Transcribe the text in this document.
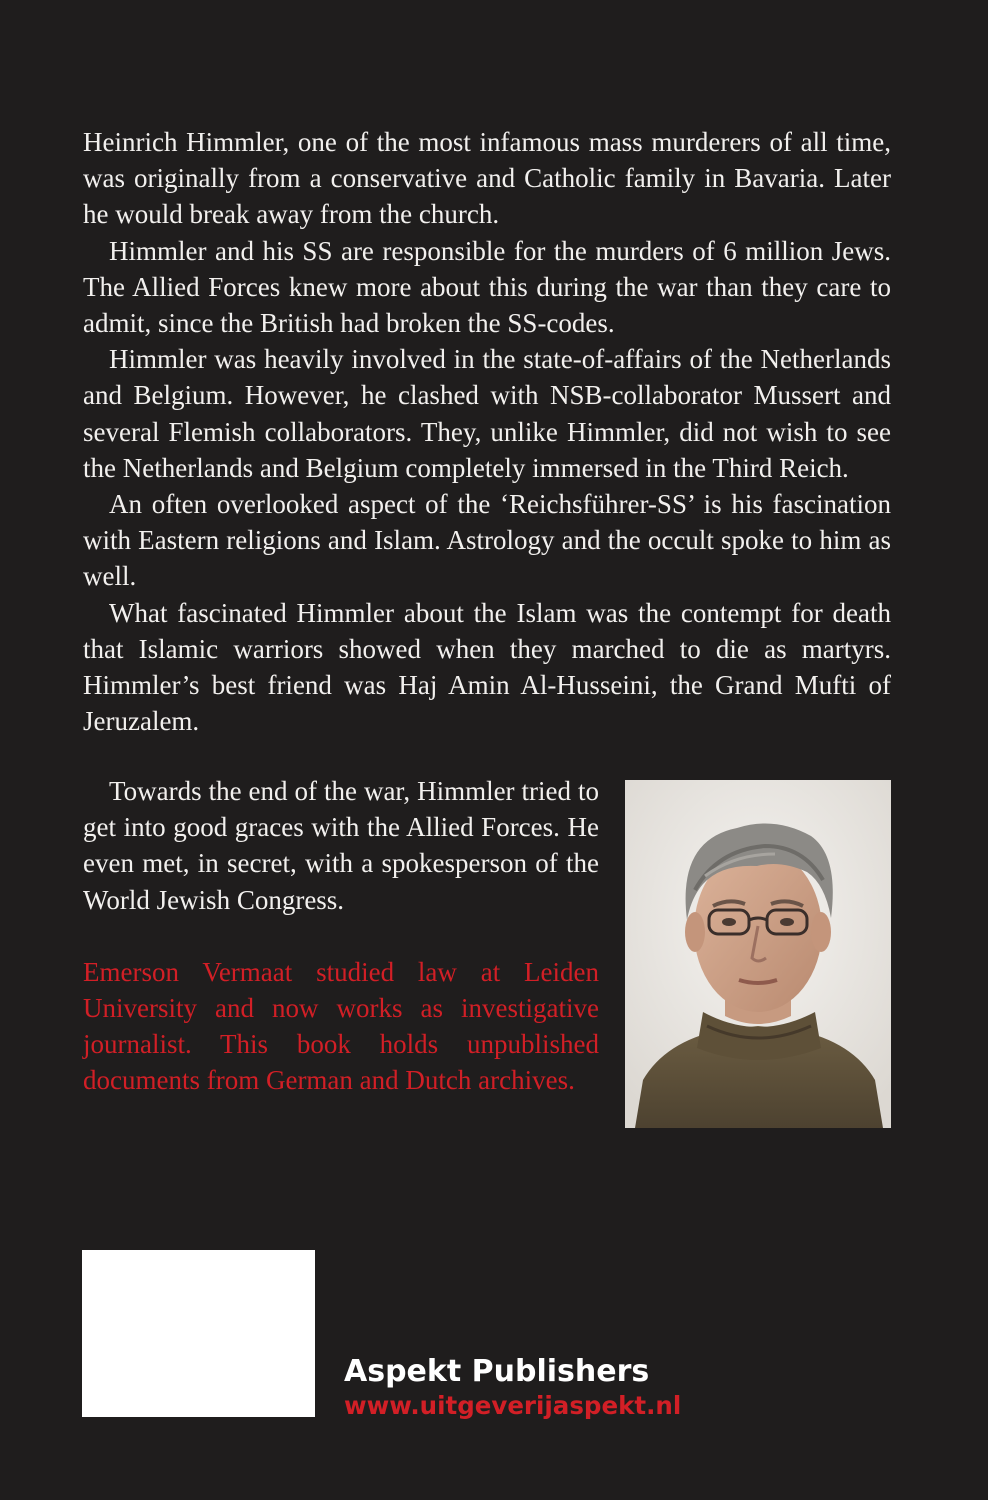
Heinrich Himmler, one of the most infamous mass murderers of all time, was originally from a conservative and Catholic family in Bavaria. Later he would break away from the church.

Himmler and his SS are responsible for the murders of 6 million Jews. The Allied Forces knew more about this during the war than they care to admit, since the British had broken the SS-codes.

Himmler was heavily involved in the state-of-affairs of the Netherlands and Belgium. However, he clashed with NSB-collaborator Mussert and several Flemish collaborators. They, unlike Himmler, did not wish to see the Netherlands and Belgium completely immersed in the Third Reich.

An often overlooked aspect of the ‘Reichsführer-SS’ is his fascination with Eastern religions and Islam. Astrology and the occult spoke to him as well.

What fascinated Himmler about the Islam was the contempt for death that Islamic warriors showed when they marched to die as martyrs. Himmler’s best friend was Haj Amin Al-Husseini, the Grand Mufti of Jeruzalem.

Towards the end of the war, Himmler tried to get into good graces with the Allied Forces. He even met, in secret, with a spokesperson of the World Jewish Congress.

Emerson Vermaat studied law at Leiden University and now works as investigative journalist. This book holds unpublished documents from German and Dutch archives.

Aspekt Publishers
www.uitgeverijaspekt.nl
